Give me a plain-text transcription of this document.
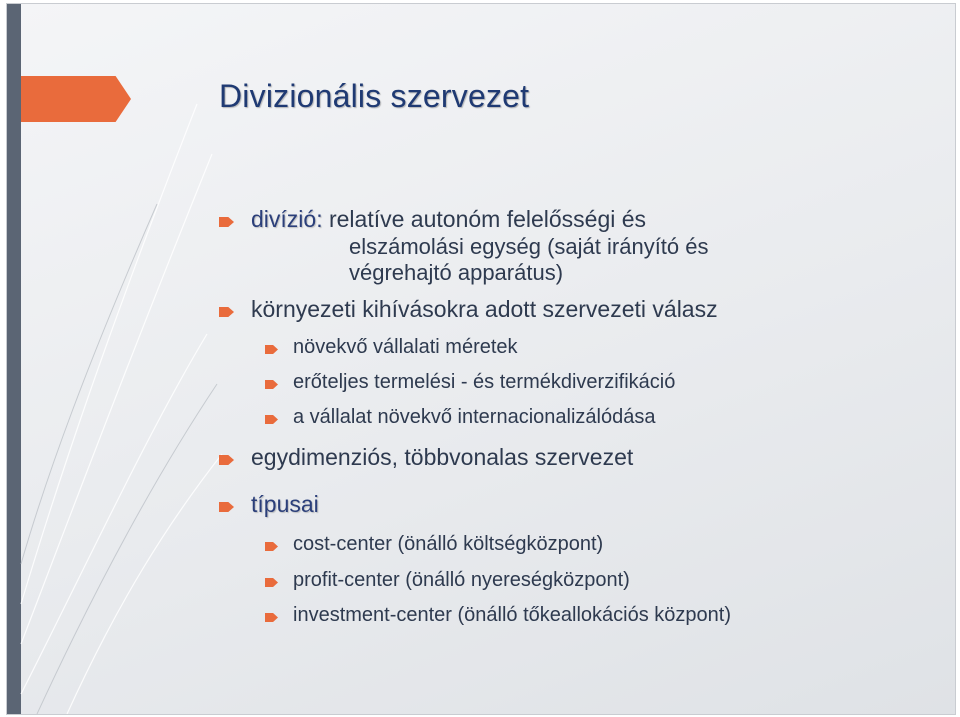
Divizionális szervezet

divízió: relatíve autonóm felelősségi és

elszámolási egység (saját irányító és

végrehajtó apparátus)

környezeti kihívásokra adott szervezeti válasz

növekvő vállalati méretek

erőteljes termelési - és termékdiverzifikáció

a vállalat növekvő internacionalizálódása

egydimenziós, többvonalas szervezet

típusai

cost-center (önálló költségközpont)

profit-center (önálló nyereségközpont)

investment-center (önálló tőkeallokációs központ)
